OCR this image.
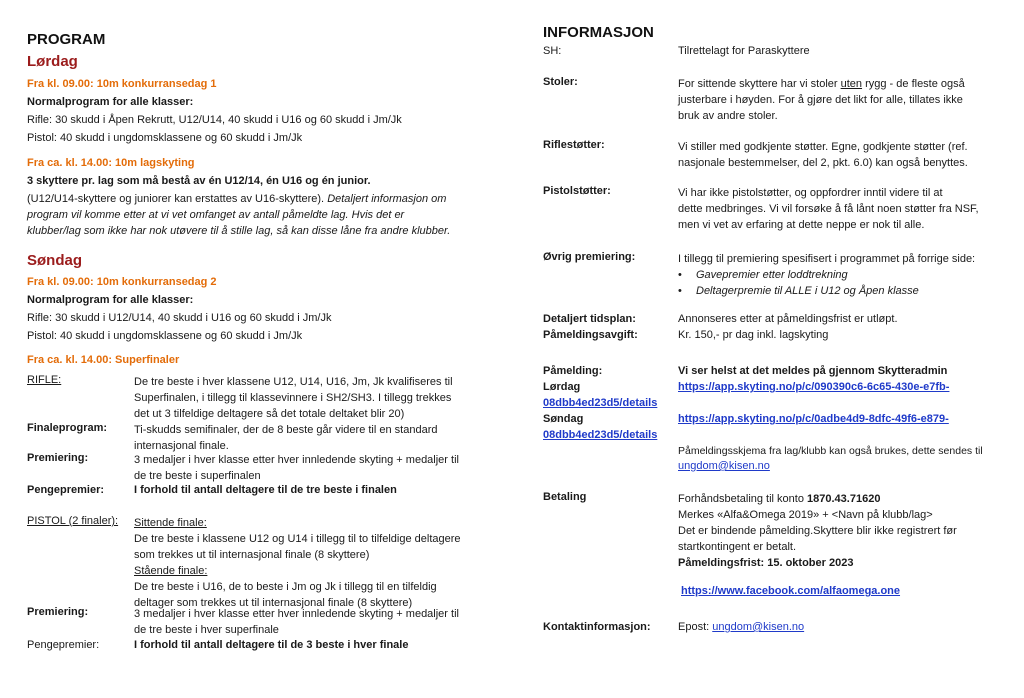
PROGRAM
Lørdag
Fra kl. 09.00: 10m konkurransedag 1
Normalprogram for alle klasser:
Rifle: 30 skudd i Åpen Rekrutt, U12/U14, 40 skudd i U16 og 60 skudd i Jm/Jk
Pistol: 40 skudd i ungdomsklassene og 60 skudd i Jm/Jk
Fra ca. kl. 14.00: 10m lagskyting
3 skyttere pr. lag som må bestå av én U12/14, én U16 og én junior.
(U12/U14-skyttere og juniorer kan erstattes av U16-skyttere). Detaljert informasjon om
program vil komme etter at vi vet omfanget av antall påmeldte lag. Hvis det er
klubber/lag som ikke har nok utøvere til å stille lag, så kan disse låne fra andre klubber.
Søndag
Fra kl. 09.00: 10m konkurransedag 2
Normalprogram for alle klasser:
Rifle: 30 skudd i U12/U14, 40 skudd i U16 og 60 skudd i Jm/Jk
Pistol: 40 skudd i ungdomsklassene og 60 skudd i Jm/Jk
Fra ca. kl. 14.00: Superfinaler
RIFLE:	De tre beste i hver klassene U12, U14, U16, Jm, Jk kvalifiseres til
Superfinalen, i tillegg til klassevinnere i SH2/SH3. I tillegg trekkes
det ut 3 tilfeldige deltagere så det totale deltaket blir 20)
Finaleprogram: Ti-skudds semifinaler, der de 8 beste går videre til en standard
internasjonal finale.
Premiering:	3 medaljer i hver klasse etter hver innledende skyting + medaljer til
de tre beste i superfinalen
Pengepremier:	I forhold til antall deltagere til de tre beste i finalen
PISTOL (2 finaler): Sittende finale:
De tre beste i klassene U12 og U14 i tillegg til to tilfeldige deltagere
som trekkes ut til internasjonal finale (8 skyttere)
Stående finale:
De tre beste i U16, de to beste i Jm og Jk i tillegg til en tilfeldig
deltager som trekkes ut til internasjonal finale (8 skyttere)
Premiering:	3 medaljer i hver klasse etter hver innledende skyting + medaljer til
de tre beste i hver superfinale
Pengepremier:	I forhold til antall deltagere til de 3 beste i hver finale
INFORMASJON
SH:	Tilrettelagt for Paraskyttere
Stoler:	For sittende skyttere har vi stoler uten rygg - de fleste også
justerbare i høyden. For å gjøre det likt for alle, tillates ikke
bruk av andre stoler.
Riflestøtter:	Vi stiller med godkjente støtter. Egne, godkjente støtter (ref.
nasjonale bestemmelser, del 2, pkt. 6.0) kan også benyttes.
Pistolstøtter:	Vi har ikke pistolstøtter, og oppfordrer inntil videre til at
dette medbringes. Vi vil forsøke å få lånt noen støtter fra NSF,
men vi vet av erfaring at dette neppe er nok til alle.
Øvrig premiering:	I tillegg til premiering spesifisert i programmet på forrige side:
• Gavepremier etter loddtrekning
• Deltagerpremie til ALLE i U12 og Åpen klasse
Detaljert tidsplan:	Annonseres etter at påmeldingsfrist er utløpt.
Påmeldingsavgift:	Kr. 150,- pr dag inkl. lagskyting
Påmelding:	Vi ser helst at det meldes på gjennom Skytteradmin
Lørdag	https://app.skyting.no/p/c/090390c6-6c65-430e-e7fb-
08dbb4ed23d5/details
Søndag	https://app.skyting.no/p/c/0adbe4d9-8dfc-49f6-e879-
08dbb4ed23d5/details
Påmeldingsskjema fra lag/klubb kan også brukes, dette sendes til
ungdom@kisen.no
Betaling	Forhåndsbetaling til konto 1870.43.71620
Merkes «Alfa&Omega 2019» + <Navn på klubb/lag>
Det er bindende påmelding.Skyttere blir ikke registrert før
startkontingent er betalt.
Påmeldingsfrist: 15. oktober 2023
https://www.facebook.com/alfaomega.one
Kontaktinformasjon: Epost: ungdom@kisen.no
